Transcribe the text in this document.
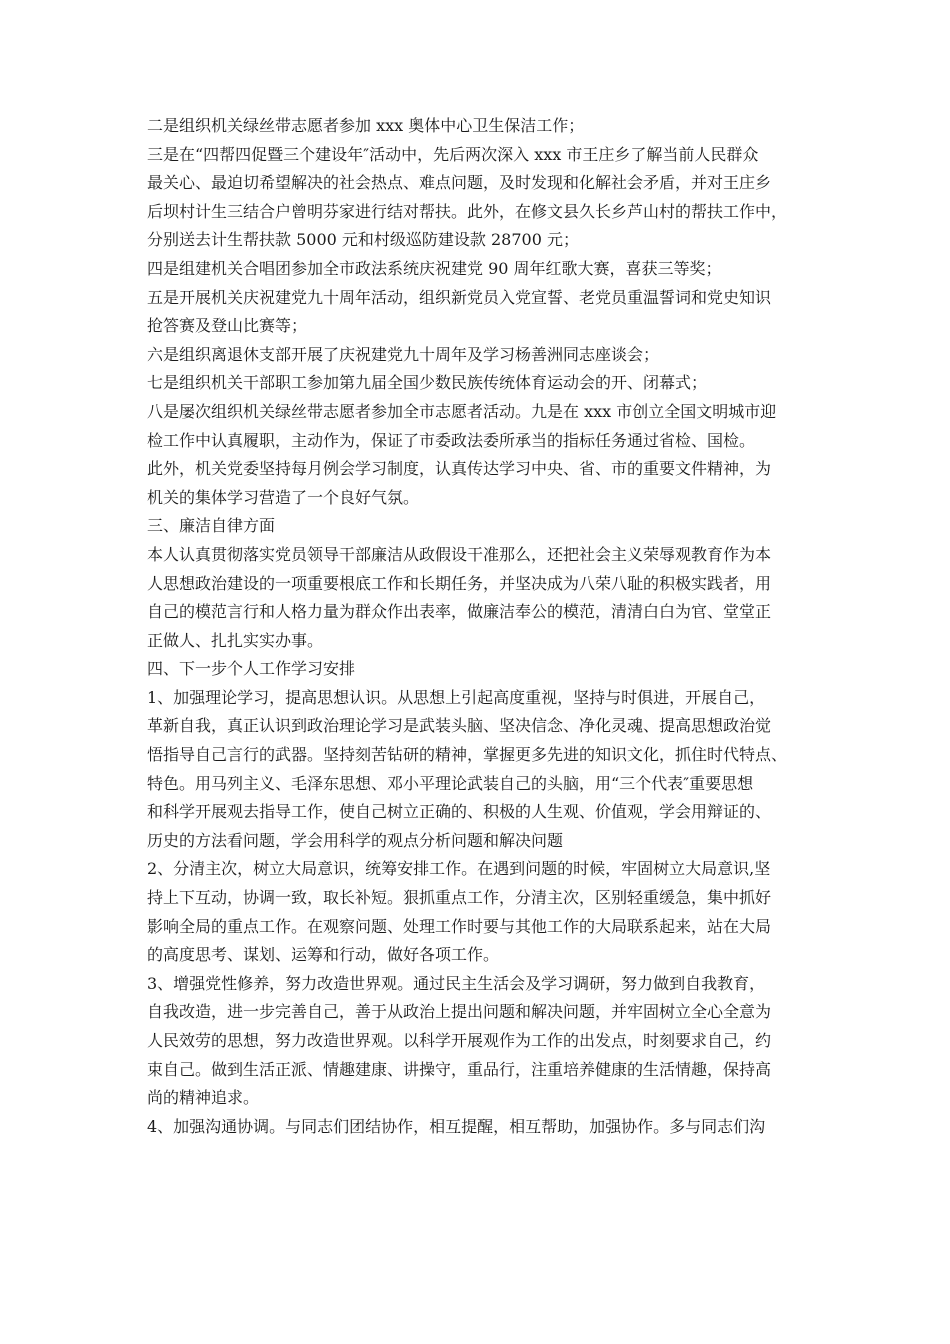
二是组织机关绿丝带志愿者参加 xxx 奥体中心卫生保洁工作；
三是在“四帮四促暨三个建设年″活动中，先后两次深入 xxx 市王庄乡了解当前人民群众
最关心、最迫切希望解决的社会热点、难点问题，及时发现和化解社会矛盾，并对王庄乡
后坝村计生三结合户曾明芬家进行结对帮扶。此外，在修文县久长乡芦山村的帮扶工作中，
分别送去计生帮扶款 5000 元和村级巡防建设款 28700 元；
四是组建机关合唱团参加全市政法系统庆祝建党 90 周年红歌大赛，喜获三等奖；
五是开展机关庆祝建党九十周年活动，组织新党员入党宣誓、老党员重温誓词和党史知识
抢答赛及登山比赛等；
六是组织离退休支部开展了庆祝建党九十周年及学习杨善洲同志座谈会；
七是组织机关干部职工参加第九届全国少数民族传统体育运动会的开、闭幕式；
八是屡次组织机关绿丝带志愿者参加全市志愿者活动。九是在 xxx 市创立全国文明城市迎
检工作中认真履职，主动作为，保证了市委政法委所承当的指标任务通过省检、国检。
此外，机关党委坚持每月例会学习制度，认真传达学习中央、省、市的重要文件精神，为
机关的集体学习营造了一个良好气氛。
三、廉洁自律方面
本人认真贯彻落实党员领导干部廉洁从政假设干准那么，还把社会主义荣辱观教育作为本
人思想政治建设的一项重要根底工作和长期任务，并坚决成为八荣八耻的积极实践者，用
自己的模范言行和人格力量为群众作出表率，做廉洁奉公的模范，清清白白为官、堂堂正
正做人、扎扎实实办事。
四、下一步个人工作学习安排
1、加强理论学习，提高思想认识。从思想上引起高度重视，坚持与时俱进，开展自己，
革新自我，真正认识到政治理论学习是武装头脑、坚决信念、净化灵魂、提高思想政治觉
悟指导自己言行的武器。坚持刻苦钻研的精神，掌握更多先进的知识文化，抓住时代特点、
特色。用马列主义、毛泽东思想、邓小平理论武装自己的头脑，用“三个代表″重要思想
和科学开展观去指导工作，使自己树立正确的、积极的人生观、价值观，学会用辩证的、
历史的方法看问题，学会用科学的观点分析问题和解决问题
2、分清主次，树立大局意识，统筹安排工作。在遇到问题的时候，牢固树立大局意识,坚
持上下互动，协调一致，取长补短。狠抓重点工作，分清主次，区别轻重缓急，集中抓好
影响全局的重点工作。在观察问题、处理工作时要与其他工作的大局联系起来，站在大局
的高度思考、谋划、运筹和行动，做好各项工作。
3、增强党性修养，努力改造世界观。通过民主生活会及学习调研，努力做到自我教育，
自我改造，进一步完善自己，善于从政治上提出问题和解决问题，并牢固树立全心全意为
人民效劳的思想，努力改造世界观。以科学开展观作为工作的出发点，时刻要求自己，约
束自己。做到生活正派、情趣建康、讲操守，重品行，注重培养健康的生活情趣，保持高
尚的精神追求。
4、加强沟通协调。与同志们团结协作，相互提醒，相互帮助，加强协作。多与同志们沟
